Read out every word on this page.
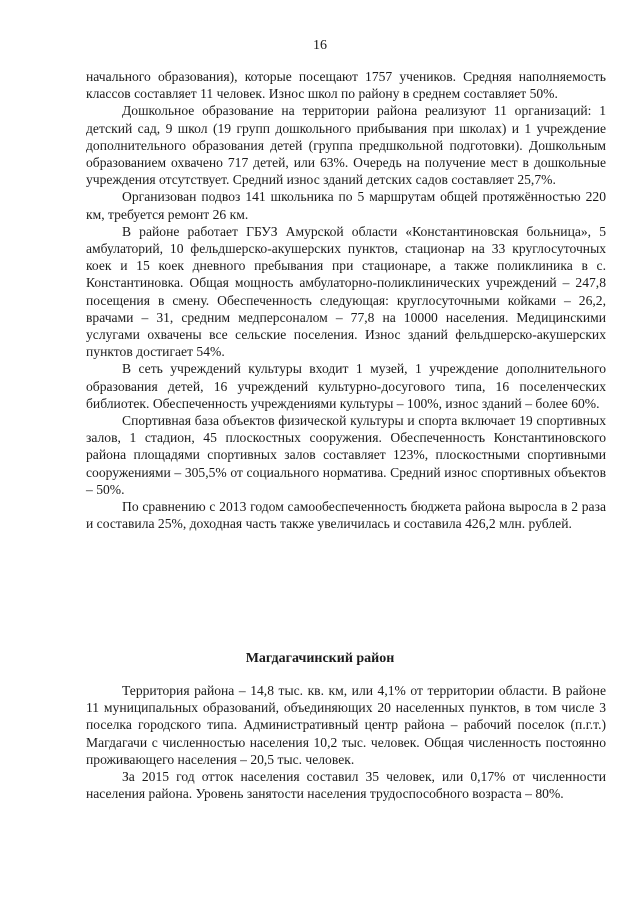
16

начального образования), которые посещают 1757 учеников. Средняя наполняемость классов составляет 11 человек. Износ школ по району в среднем составляет 50%.

Дошкольное образование на территории района реализуют 11 организаций: 1 детский сад, 9 школ (19 групп дошкольного прибывания при школах) и 1 учреждение дополнительного образования детей (группа предшкольной подготовки). Дошкольным образованием охвачено 717 детей, или 63%. Очередь на получение мест в дошкольные учреждения отсутствует. Средний износ зданий детских садов составляет 25,7%.

Организован подвоз 141 школьника по 5 маршрутам общей протяжённостью 220 км, требуется ремонт 26 км.

В районе работает ГБУЗ Амурской области «Константиновская больница», 5 амбулаторий, 10 фельдшерско-акушерских пунктов, стационар на 33 круглосуточных коек и 15 коек дневного пребывания при стационаре, а также поликлиника в с. Константиновка. Общая мощность амбулаторно-поликлинических учреждений – 247,8 посещения в смену. Обеспеченность следующая: круглосуточными койками – 26,2, врачами – 31, средним медперсоналом – 77,8 на 10000 населения. Медицинскими услугами охвачены все сельские поселения. Износ зданий фельдшерско-акушерских пунктов достигает 54%.

В сеть учреждений культуры входит 1 музей, 1 учреждение дополнительного образования детей, 16 учреждений культурно-досугового типа, 16 поселенческих библиотек. Обеспеченность учреждениями культуры – 100%, износ зданий – более 60%.

Спортивная база объектов физической культуры и спорта включает 19 спортивных залов, 1 стадион, 45 плоскостных сооружения. Обеспеченность Константиновского района площадями спортивных залов составляет 123%, плоскостными спортивными сооружениями – 305,5% от социального норматива. Средний износ спортивных объектов – 50%.

По сравнению с 2013 годом самообеспеченность бюджета района выросла в 2 раза и составила 25%, доходная часть также увеличилась и составила 426,2 млн. рублей.

Магдагачинский район

Территория района – 14,8 тыс. кв. км, или 4,1% от территории области. В районе 11 муниципальных образований, объединяющих 20 населенных пунктов, в том числе 3 поселка городского типа. Административный центр района – рабочий поселок (п.г.т.) Магдагачи с численностью населения 10,2 тыс. человек. Общая численность постоянно проживающего населения – 20,5 тыс. человек.

За 2015 год отток населения составил 35 человек, или 0,17% от численности населения района. Уровень занятости населения трудоспособного возраста – 80%.
